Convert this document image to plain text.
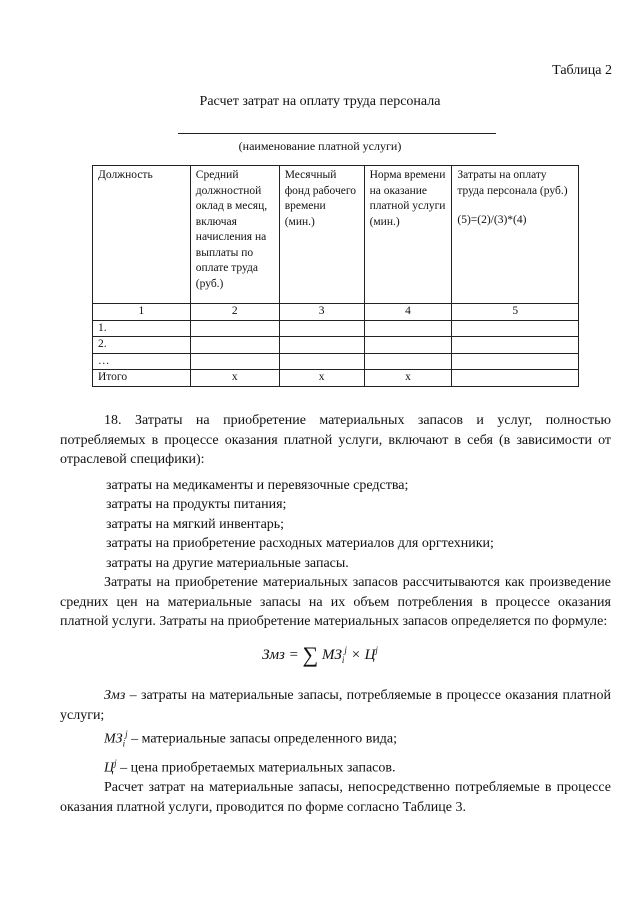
Таблица 2
Расчет затрат на оплату труда персонала
(наименование платной услуги)
Должность	Средний должностной оклад в месяц, включая начисления на выплаты по оплате труда (руб.)	Месячный фонд рабочего времени (мин.)	Норма времени на оказание платной услуги (мин.)	Затраты на оплату труда персонала (руб.)
(5)=(2)/(3)*(4)

1	2	3	4	5
1.				
2.				
…				
Итого	x	x	x	

18. Затраты на приобретение материальных запасов и услуг, полностью потребляемых в процессе оказания платной услуги, включают в себя (в зависимости от отраслевой специфики):

затраты на медикаменты и перевязочные средства;
затраты на продукты питания;
затраты на мягкий инвентарь;
затраты на приобретение расходных материалов для оргтехники;
затраты на другие материальные запасы.

Затраты на приобретение материальных запасов рассчитываются как произведение средних цен на материальные запасы на их объем потребления в процессе оказания платной услуги. Затраты на приобретение материальных запасов определяется по формуле:

Змз = ∑ $МЗ_i^j \times Ц^j$

Змз – затраты на материальные запасы, потребляемые в процессе оказания платной услуги;

$МЗ_i^j$ – материальные запасы определенного вида;

$Ц^j$ – цена приобретаемых материальных запасов.

Расчет затрат на материальные запасы, непосредственно потребляемые в процессе оказания платной услуги, проводится по форме согласно Таблице 3.
